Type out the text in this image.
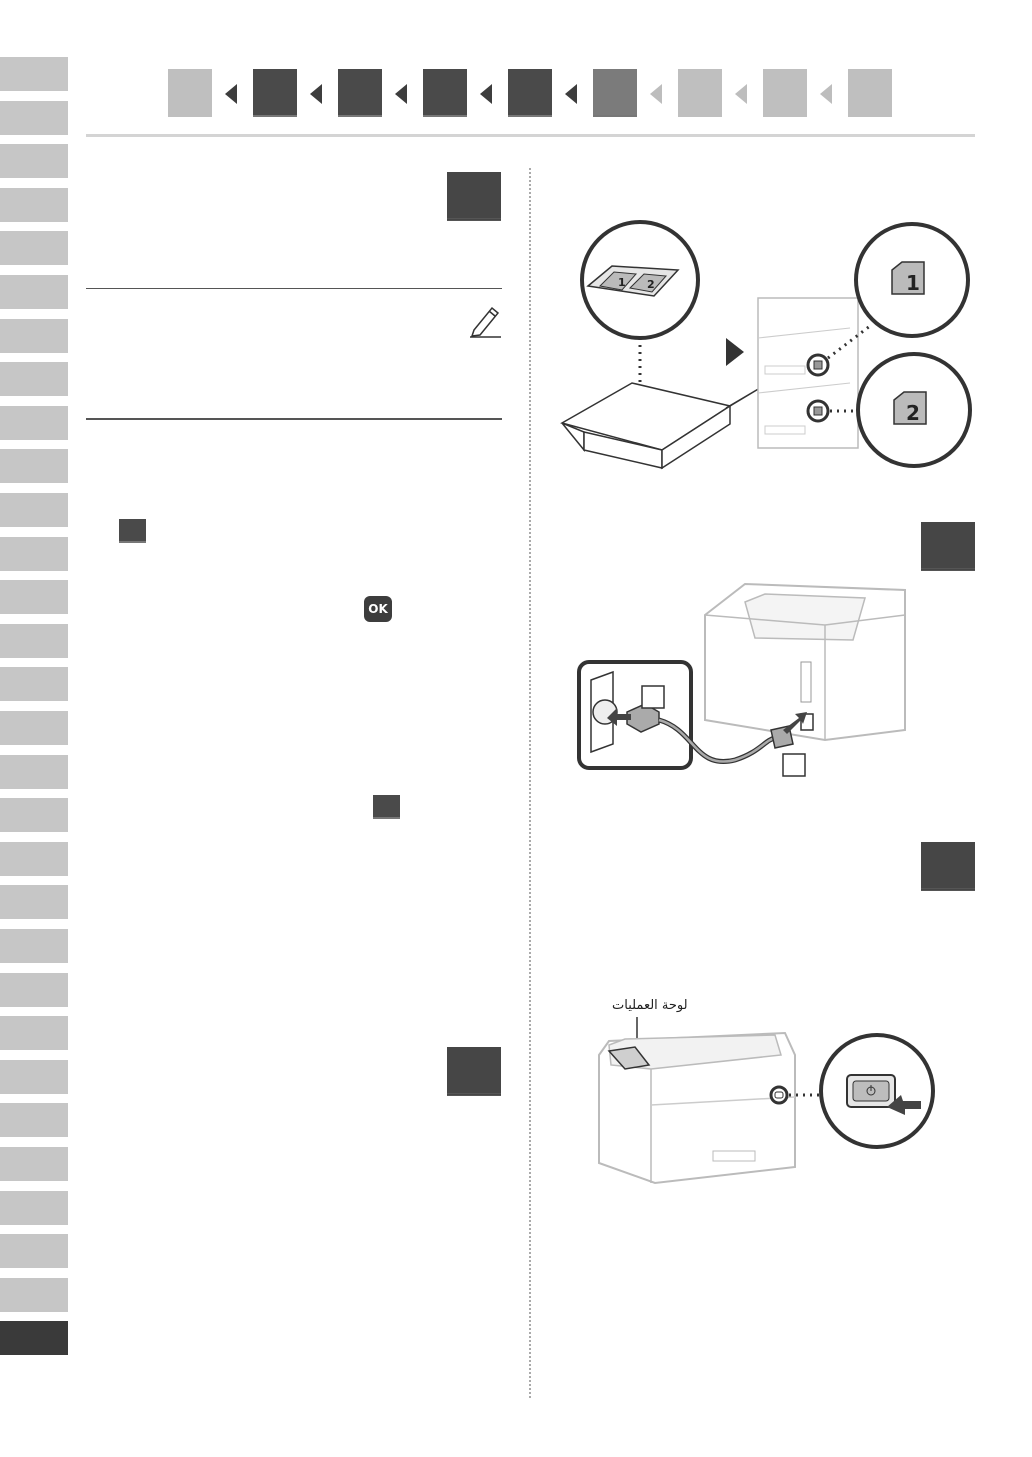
OK
1 2	1
2
لوحة العمليات
